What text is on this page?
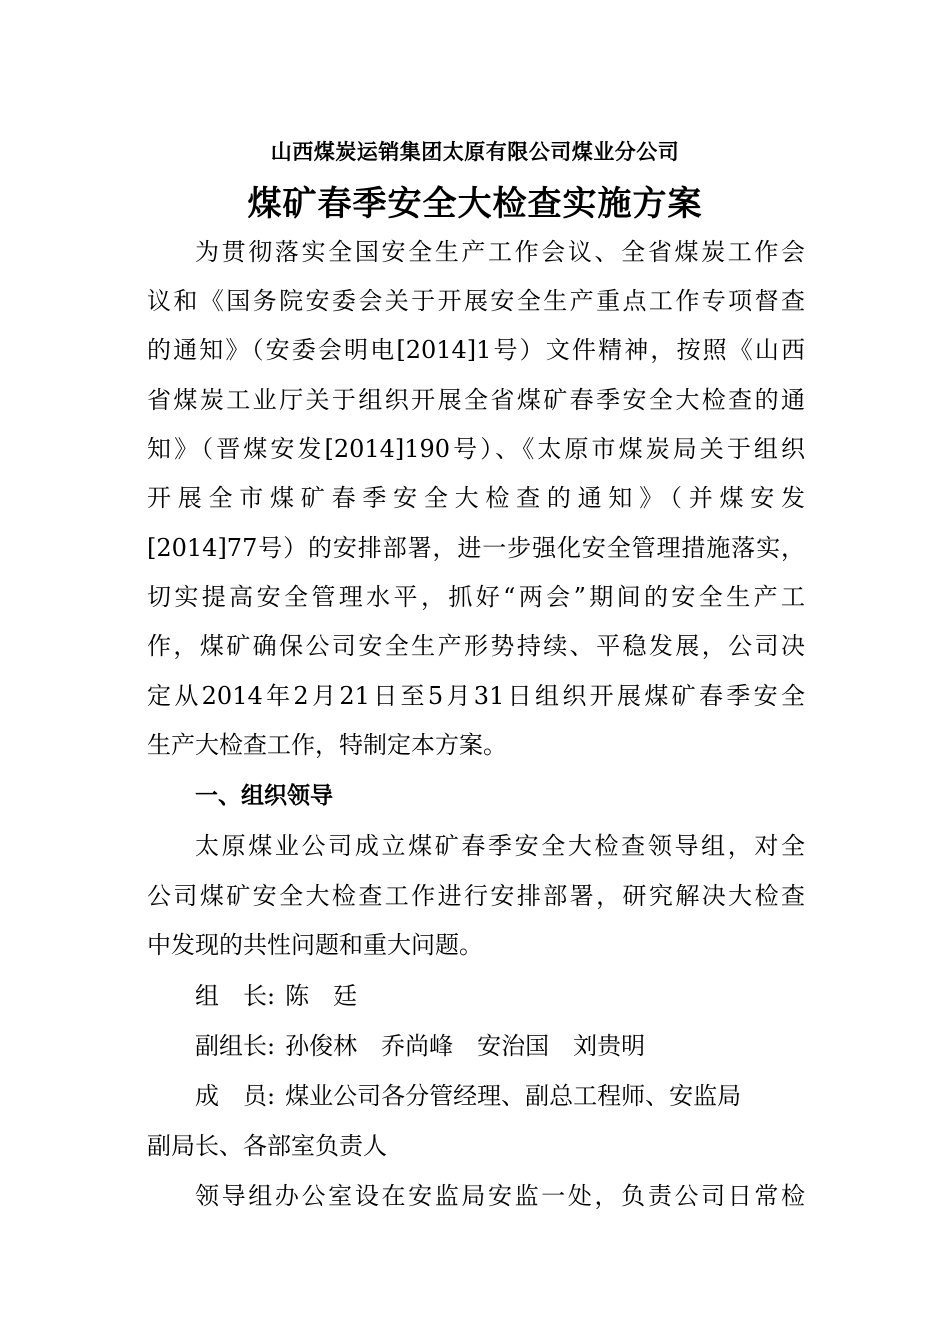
山西煤炭运销集团太原有限公司煤业分公司
煤矿春季安全大检查实施方案
为贯彻落实全国安全生产工作会议、全省煤炭工作会
议和《国务院安委会关于开展安全生产重点工作专项督查
的通知》（安委会明电[2014]1号）文件精神，按照《山西
省煤炭工业厅关于组织开展全省煤矿春季安全大检查的通
知》（晋煤安发[2014]190号）、《太原市煤炭局关于组织
开展全市煤矿春季安全大检查的通知》（并煤安发
[2014]77号）的安排部署，进一步强化安全管理措施落实，
切实提高安全管理水平，抓好“两会”期间的安全生产工
作，煤矿确保公司安全生产形势持续、平稳发展，公司决
定从2014年2月21日至5月31日组织开展煤矿春季安全
生产大检查工作，特制定本方案。
一、组织领导
太原煤业公司成立煤矿春季安全大检查领导组，对全
公司煤矿安全大检查工作进行安排部署，研究解决大检查
中发现的共性问题和重大问题。
组　长: 陈　廷
副组长: 孙俊林　乔尚峰　安治国　刘贵明
成　员: 煤业公司各分管经理、副总工程师、安监局
副局长、各部室负责人
领导组办公室设在安监局安监一处，负责公司日常检
